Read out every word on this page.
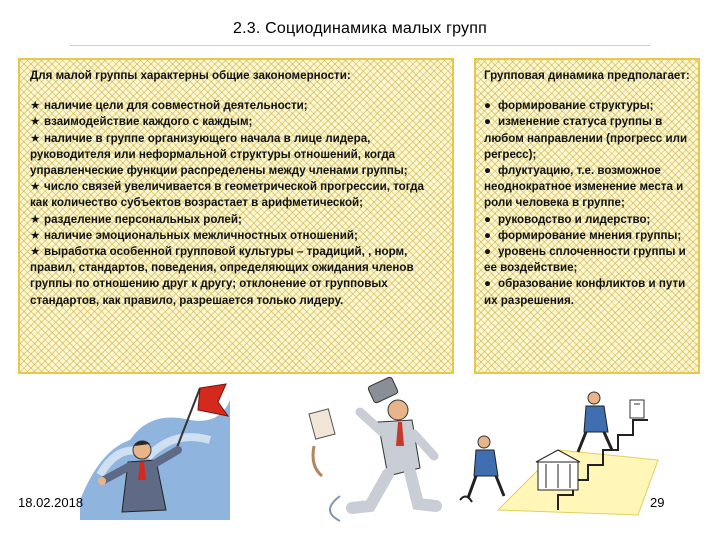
2.3. Социодинамика малых групп
Для малой группы характерны общие закономерности:
★ наличие цели для совместной деятельности;
★ взаимодействие каждого с каждым;
★ наличие в группе организующего начала в лице лидера, руководителя или неформальной структуры отношений, когда управленческие функции распределены между членами группы;
★ число связей увеличивается в геометрической прогрессии, тогда как количество субъектов возрастает в арифметической;
★ разделение персональных ролей;
★ наличие эмоциональных межличностных отношений;
★ выработка особенной групповой культуры – традиций, , норм, правил, стандартов, поведения, определяющих ожидания членов группы по отношению друг к другу; отклонение от групповых стандартов, как правило, разрешается только лидеру.
Групповая динамика предполагает:
● формирование структуры;
● изменение статуса группы в любом направлении (прогресс или регресс);
● флуктуацию, т.е. возможное неоднократное изменение места и роли человека в группе;
● руководство и лидерство;
● формирование мнения группы;
● уровень сплоченности группы и ее воздействие;
● образование конфликтов и пути их разрешения.
18.02.2018	29
